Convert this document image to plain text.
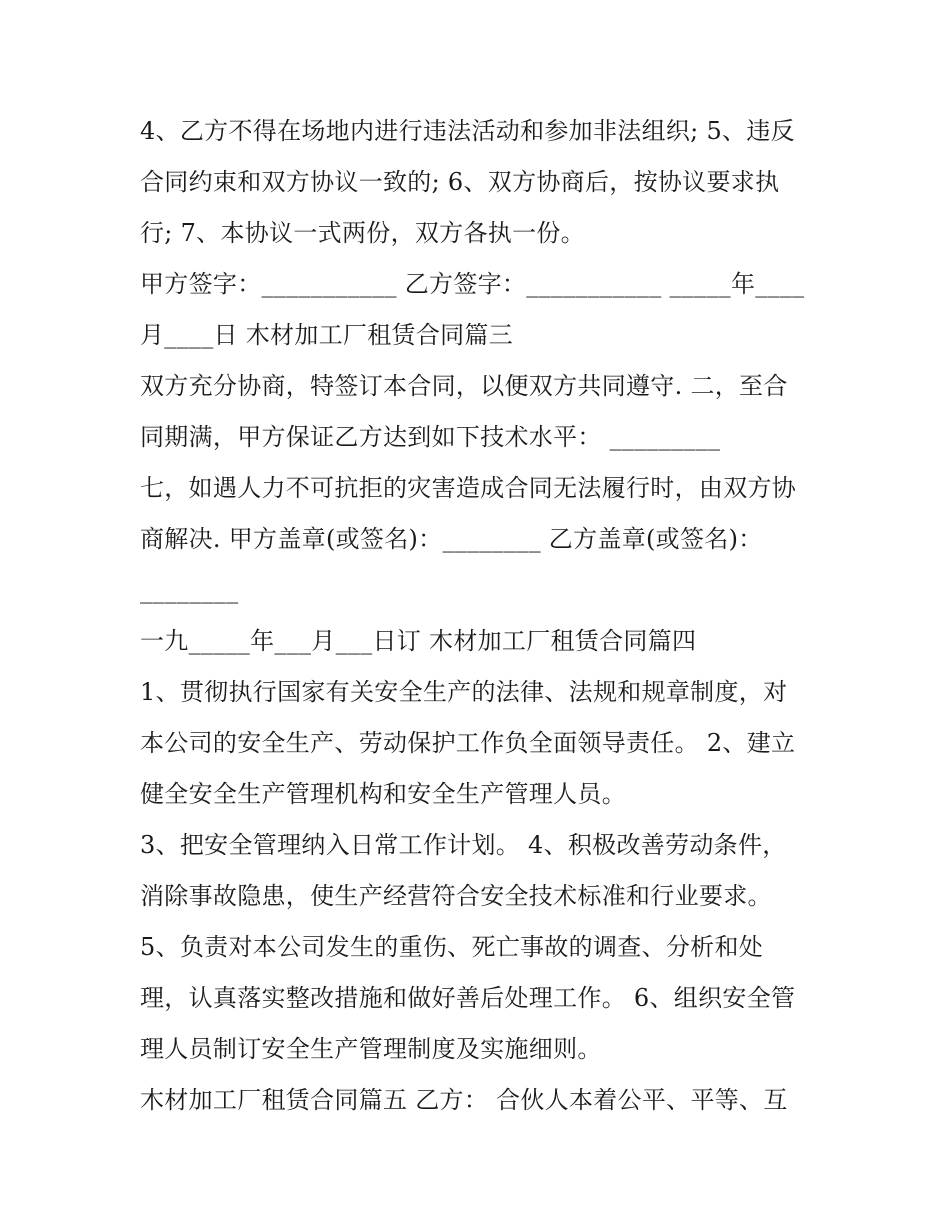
4、乙方不得在场地内进行违法活动和参加非法组织; 5、违反
合同约束和双方协议一致的; 6、双方协商后，按协议要求执
行; 7、本协议一式两份，双方各执一份。
甲方签字：___________ 乙方签字：___________ _____年____
月____日 木材加工厂租赁合同篇三
双方充分协商，特签订本合同，以便双方共同遵守. 二，至合
同期满，甲方保证乙方达到如下技术水平： _________
七，如遇人力不可抗拒的灾害造成合同无法履行时，由双方协
商解决. 甲方盖章(或签名)：________ 乙方盖章(或签名)：
________
一九_____年___月___日订 木材加工厂租赁合同篇四
1、贯彻执行国家有关安全生产的法律、法规和规章制度，对
本公司的安全生产、劳动保护工作负全面领导责任。 2、建立
健全安全生产管理机构和安全生产管理人员。
3、把安全管理纳入日常工作计划。 4、积极改善劳动条件，
消除事故隐患，使生产经营符合安全技术标准和行业要求。
5、负责对本公司发生的重伤、死亡事故的调查、分析和处
理，认真落实整改措施和做好善后处理工作。 6、组织安全管
理人员制订安全生产管理制度及实施细则。
木材加工厂租赁合同篇五 乙方： 合伙人本着公平、平等、互
